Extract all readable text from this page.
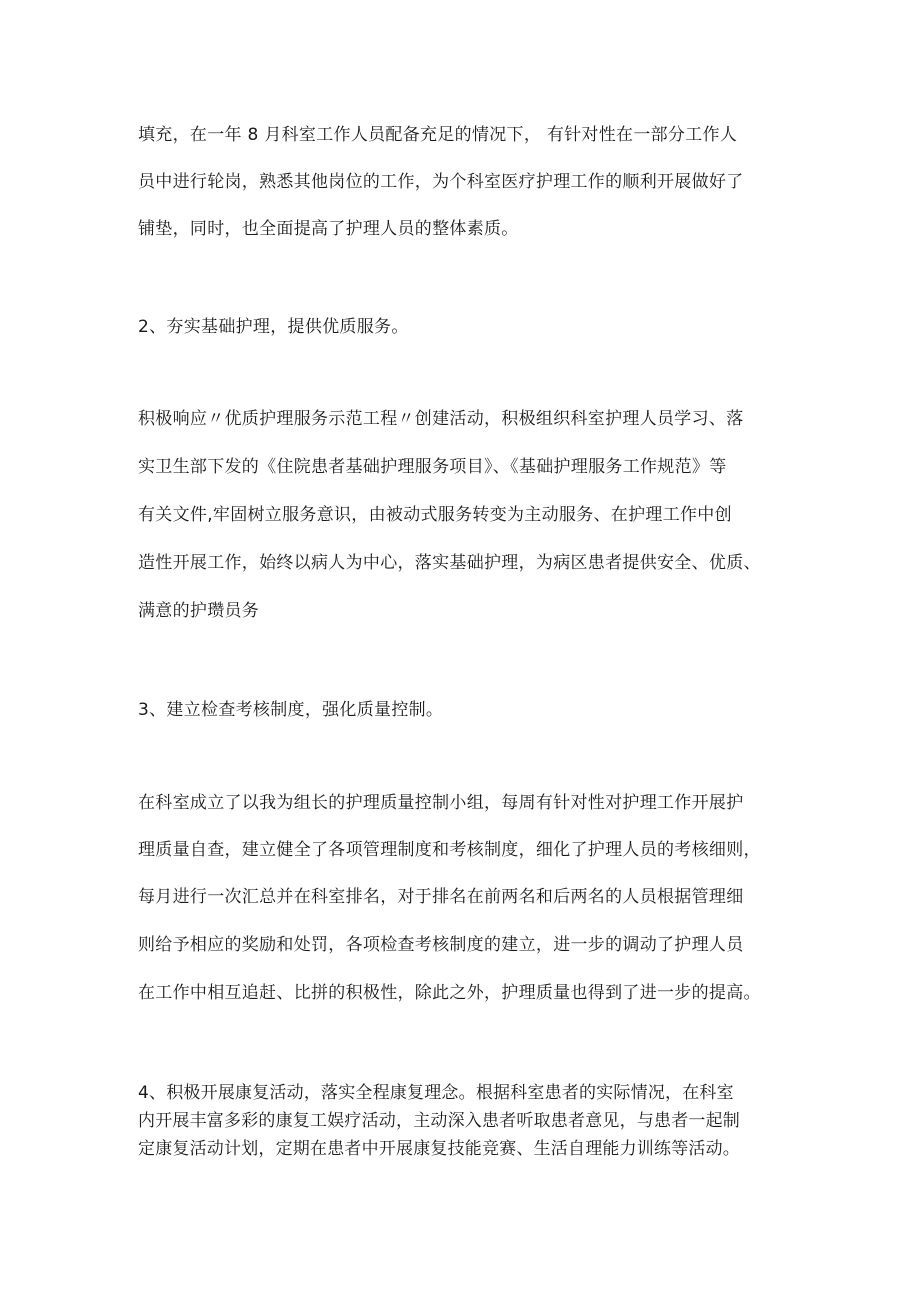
填充，在一年 8 月科室工作人员配备充足的情况下， 有针对性在一部分工作人
员中进行轮岗，熟悉其他岗位的工作，为个科室医疗护理工作的顺利开展做好了
铺垫，同时，也全面提高了护理人员的整体素质。
2、夯实基础护理，提供优质服务。
积极响应〃优质护理服务示范工程〃创建活动，积极组织科室护理人员学习、落
实卫生部下发的《住院患者基础护理服务项目》、《基础护理服务工作规范》等
有关文件,牢固树立服务意识，由被动式服务转变为主动服务、在护理工作中创
造性开展工作，始终以病人为中心，落实基础护理，为病区患者提供安全、优质、
满意的护瓒员务
3、建立检查考核制度，强化质量控制。
在科室成立了以我为组长的护理质量控制小组，每周有针对性对护理工作开展护
理质量自查，建立健全了各项管理制度和考核制度，细化了护理人员的考核细则，
每月进行一次汇总并在科室排名，对于排名在前两名和后两名的人员根据管理细
则给予相应的奖励和处罚，各项检查考核制度的建立，进一步的调动了护理人员
在工作中相互追赶、比拼的积极性，除此之外，护理质量也得到了进一步的提高。
4、积极开展康复活动，落实全程康复理念。根据科室患者的实际情况，在科室
内开展丰富多彩的康复工娱疗活动，主动深入患者听取患者意见，与患者一起制
定康复活动计划，定期在患者中开展康复技能竞赛、生活自理能力训练等活动。
